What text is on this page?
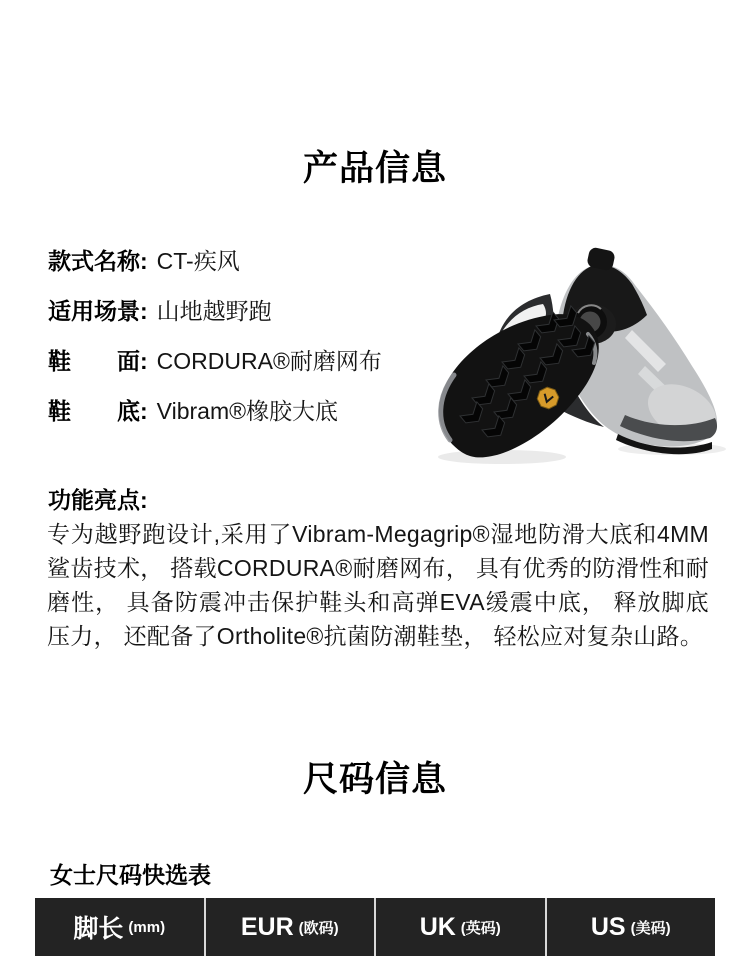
产品信息
款式名称: CT-疾风
适用场景: 山地越野跑
鞋　　面: CORDURA®耐磨网布
鞋　　底: Vibram®橡胶大底
功能亮点:
专为越野跑设计,采用了Vibram-Megagrip®湿地防滑大底和4MM鲨齿技术， 搭载CORDURA®耐磨网布， 具有优秀的防滑性和耐磨性， 具备防震冲击保护鞋头和高弹EVA缓震中底， 释放脚底压力， 还配备了Ortholite®抗菌防潮鞋垫， 轻松应对复杂山路。
尺码信息
女士尺码快选表
脚长 (mm)	EUR (欧码)	UK (英码)	US (美码)
